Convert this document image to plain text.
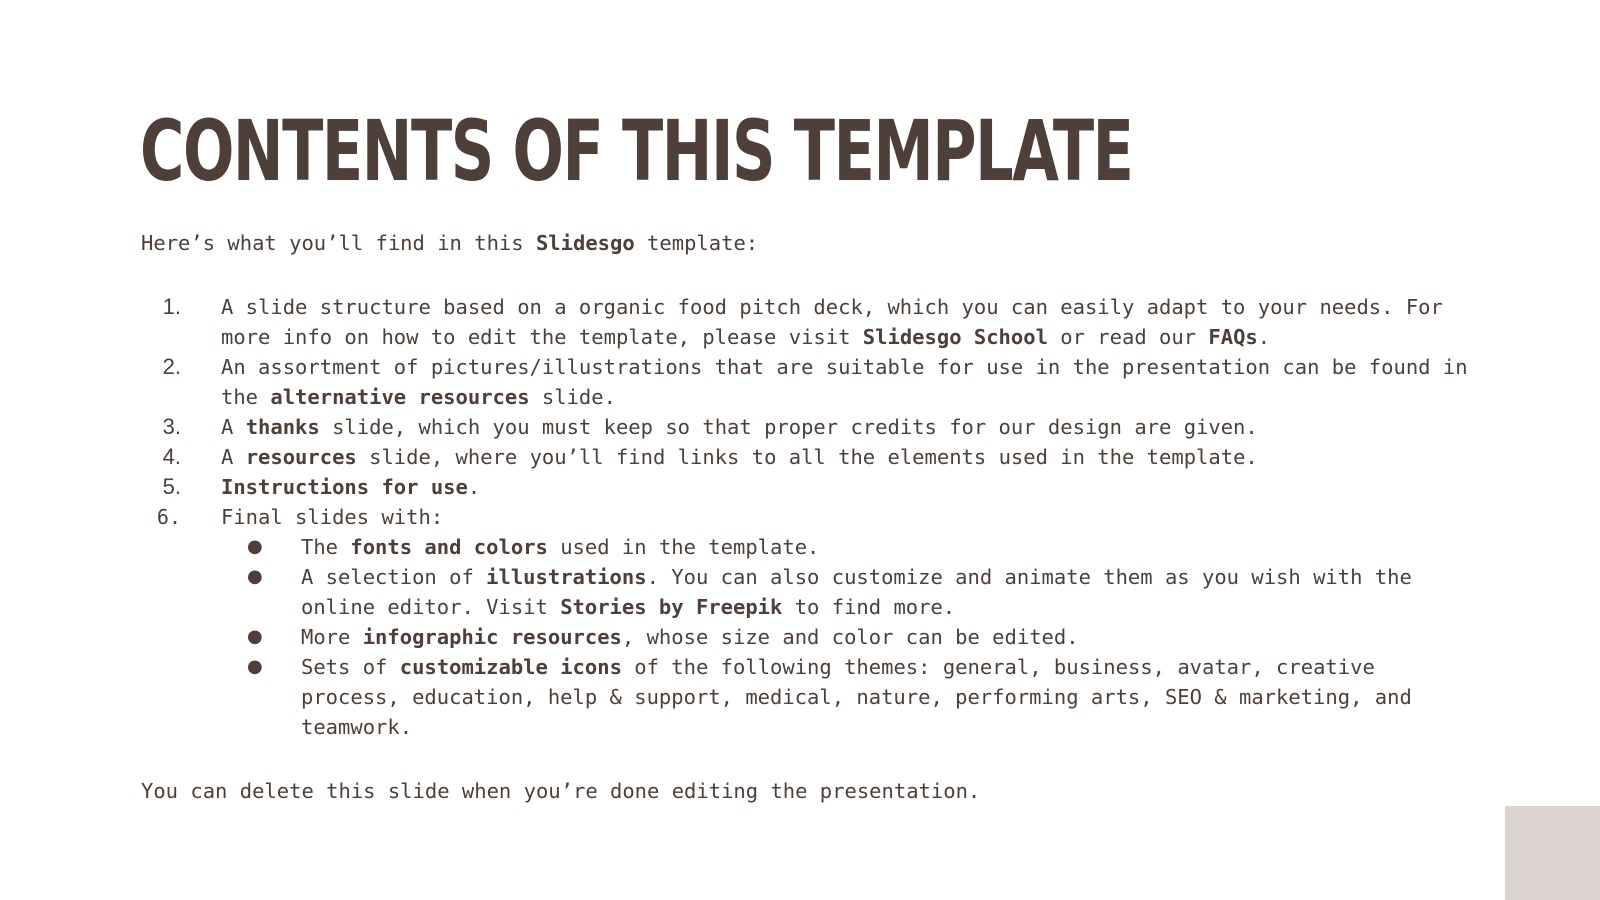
CONTENTS OF THIS TEMPLATE

Here’s what you’ll find in this Slidesgo template:

1. A slide structure based on a organic food pitch deck, which you can easily adapt to your needs. For more info on how to edit the template, please visit Slidesgo School or read our FAQs.
2. An assortment of pictures/illustrations that are suitable for use in the presentation can be found in the alternative resources slide.
3. A thanks slide, which you must keep so that proper credits for our design are given.
4. A resources slide, where you’ll find links to all the elements used in the template.
5. Instructions for use.
6. Final slides with:
● The fonts and colors used in the template.
● A selection of illustrations. You can also customize and animate them as you wish with the online editor. Visit Stories by Freepik to find more.
● More infographic resources, whose size and color can be edited.
● Sets of customizable icons of the following themes: general, business, avatar, creative process, education, help & support, medical, nature, performing arts, SEO & marketing, and teamwork.

You can delete this slide when you’re done editing the presentation.
